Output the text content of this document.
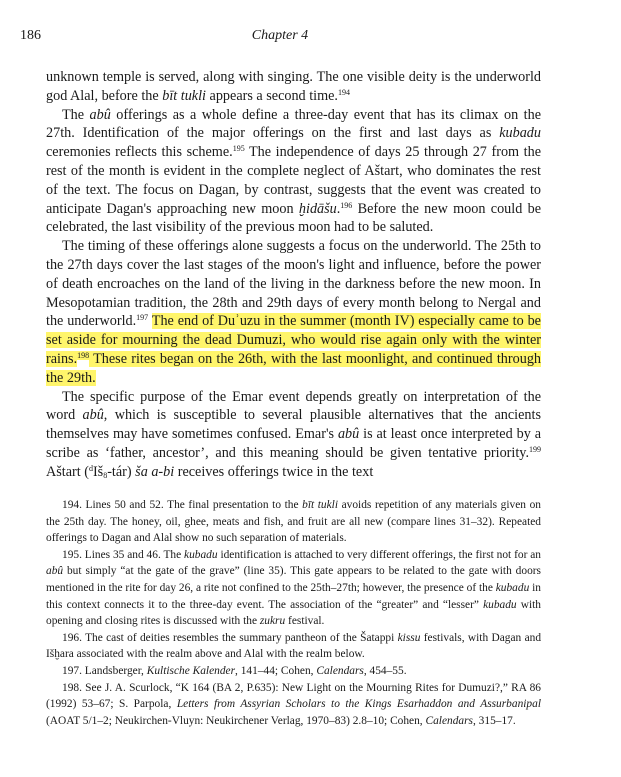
Chapter 4
186

unknown temple is served, along with singing. The one visible deity is the underworld god Alal, before the bīt tukli appears a second time.$^{194}$

The abû offerings as a whole define a three-day event that has its climax on the 27th. Identification of the major offerings on the first and last days as kubadu ceremonies reflects this scheme.$^{195}$ The independence of days 25 through 27 from the rest of the month is evident in the complete neglect of Aštart, who dominates the rest of the text. The focus on Dagan, by contrast, suggests that the event was created to anticipate Dagan's approaching new moon ḫidāšu.$^{196}$ Before the new moon could be celebrated, the last visibility of the previous moon had to be saluted.

The timing of these offerings alone suggests a focus on the underworld. The 25th to the 27th days cover the last stages of the moon's light and influence, before the power of death encroaches on the land of the living in the darkness before the new moon. In Mesopotamian tradition, the 28th and 29th days of every month belong to Nergal and the underworld.$^{197}$ The end of Duʾuzu in the summer (month IV) especially came to be set aside for mourning the dead Dumuzi, who would rise again only with the winter rains.$^{198}$ These rites began on the 26th, with the last moonlight, and continued through the 29th.

The specific purpose of the Emar event depends greatly on interpretation of the word abû, which is susceptible to several plausible alternatives that the ancients themselves may have sometimes confused. Emar's abû is at least once interpreted by a scribe as ‘father, ancestor’, and this meaning should be given tentative priority.$^{199}$ Aštart $(^dIš_8-tár)$ ša a-bi receives offerings twice in the text

194. Lines 50 and 52. The final presentation to the bīt tukli avoids repetition of any materials given on the 25th day. The honey, oil, ghee, meats and fish, and fruit are all new (compare lines 31–32). Repeated offerings to Dagan and Alal show no such separation of materials.

195. Lines 35 and 46. The kubadu identification is attached to very different offerings, the first not for an abû but simply “at the gate of the grave” (line 35). This gate appears to be related to the gate with doors mentioned in the rite for day 26, a rite not confined to the 25th–27th; however, the presence of the kubadu in this context connects it to the three-day event. The association of the “greater” and “lesser” kubadu with opening and closing rites is discussed with the zukru festival.

196. The cast of deities resembles the summary pantheon of the Šatappi kissu festivals, with Dagan and Išḫara associated with the realm above and Alal with the realm below.

197. Landsberger, Kultische Kalender, 141–44; Cohen, Calendars, 454–55.

198. See J. A. Scurlock, “K 164 (BA 2, P.635): New Light on the Mourning Rites for Dumuzi?,” RA 86 (1992) 53–67; S. Parpola, Letters from Assyrian Scholars to the Kings Esarhaddon and Assurbanipal (AOAT 5/1–2; Neukirchen-Vluyn: Neukirchener Verlag, 1970–83) 2.8–10; Cohen, Calendars, 315–17.
